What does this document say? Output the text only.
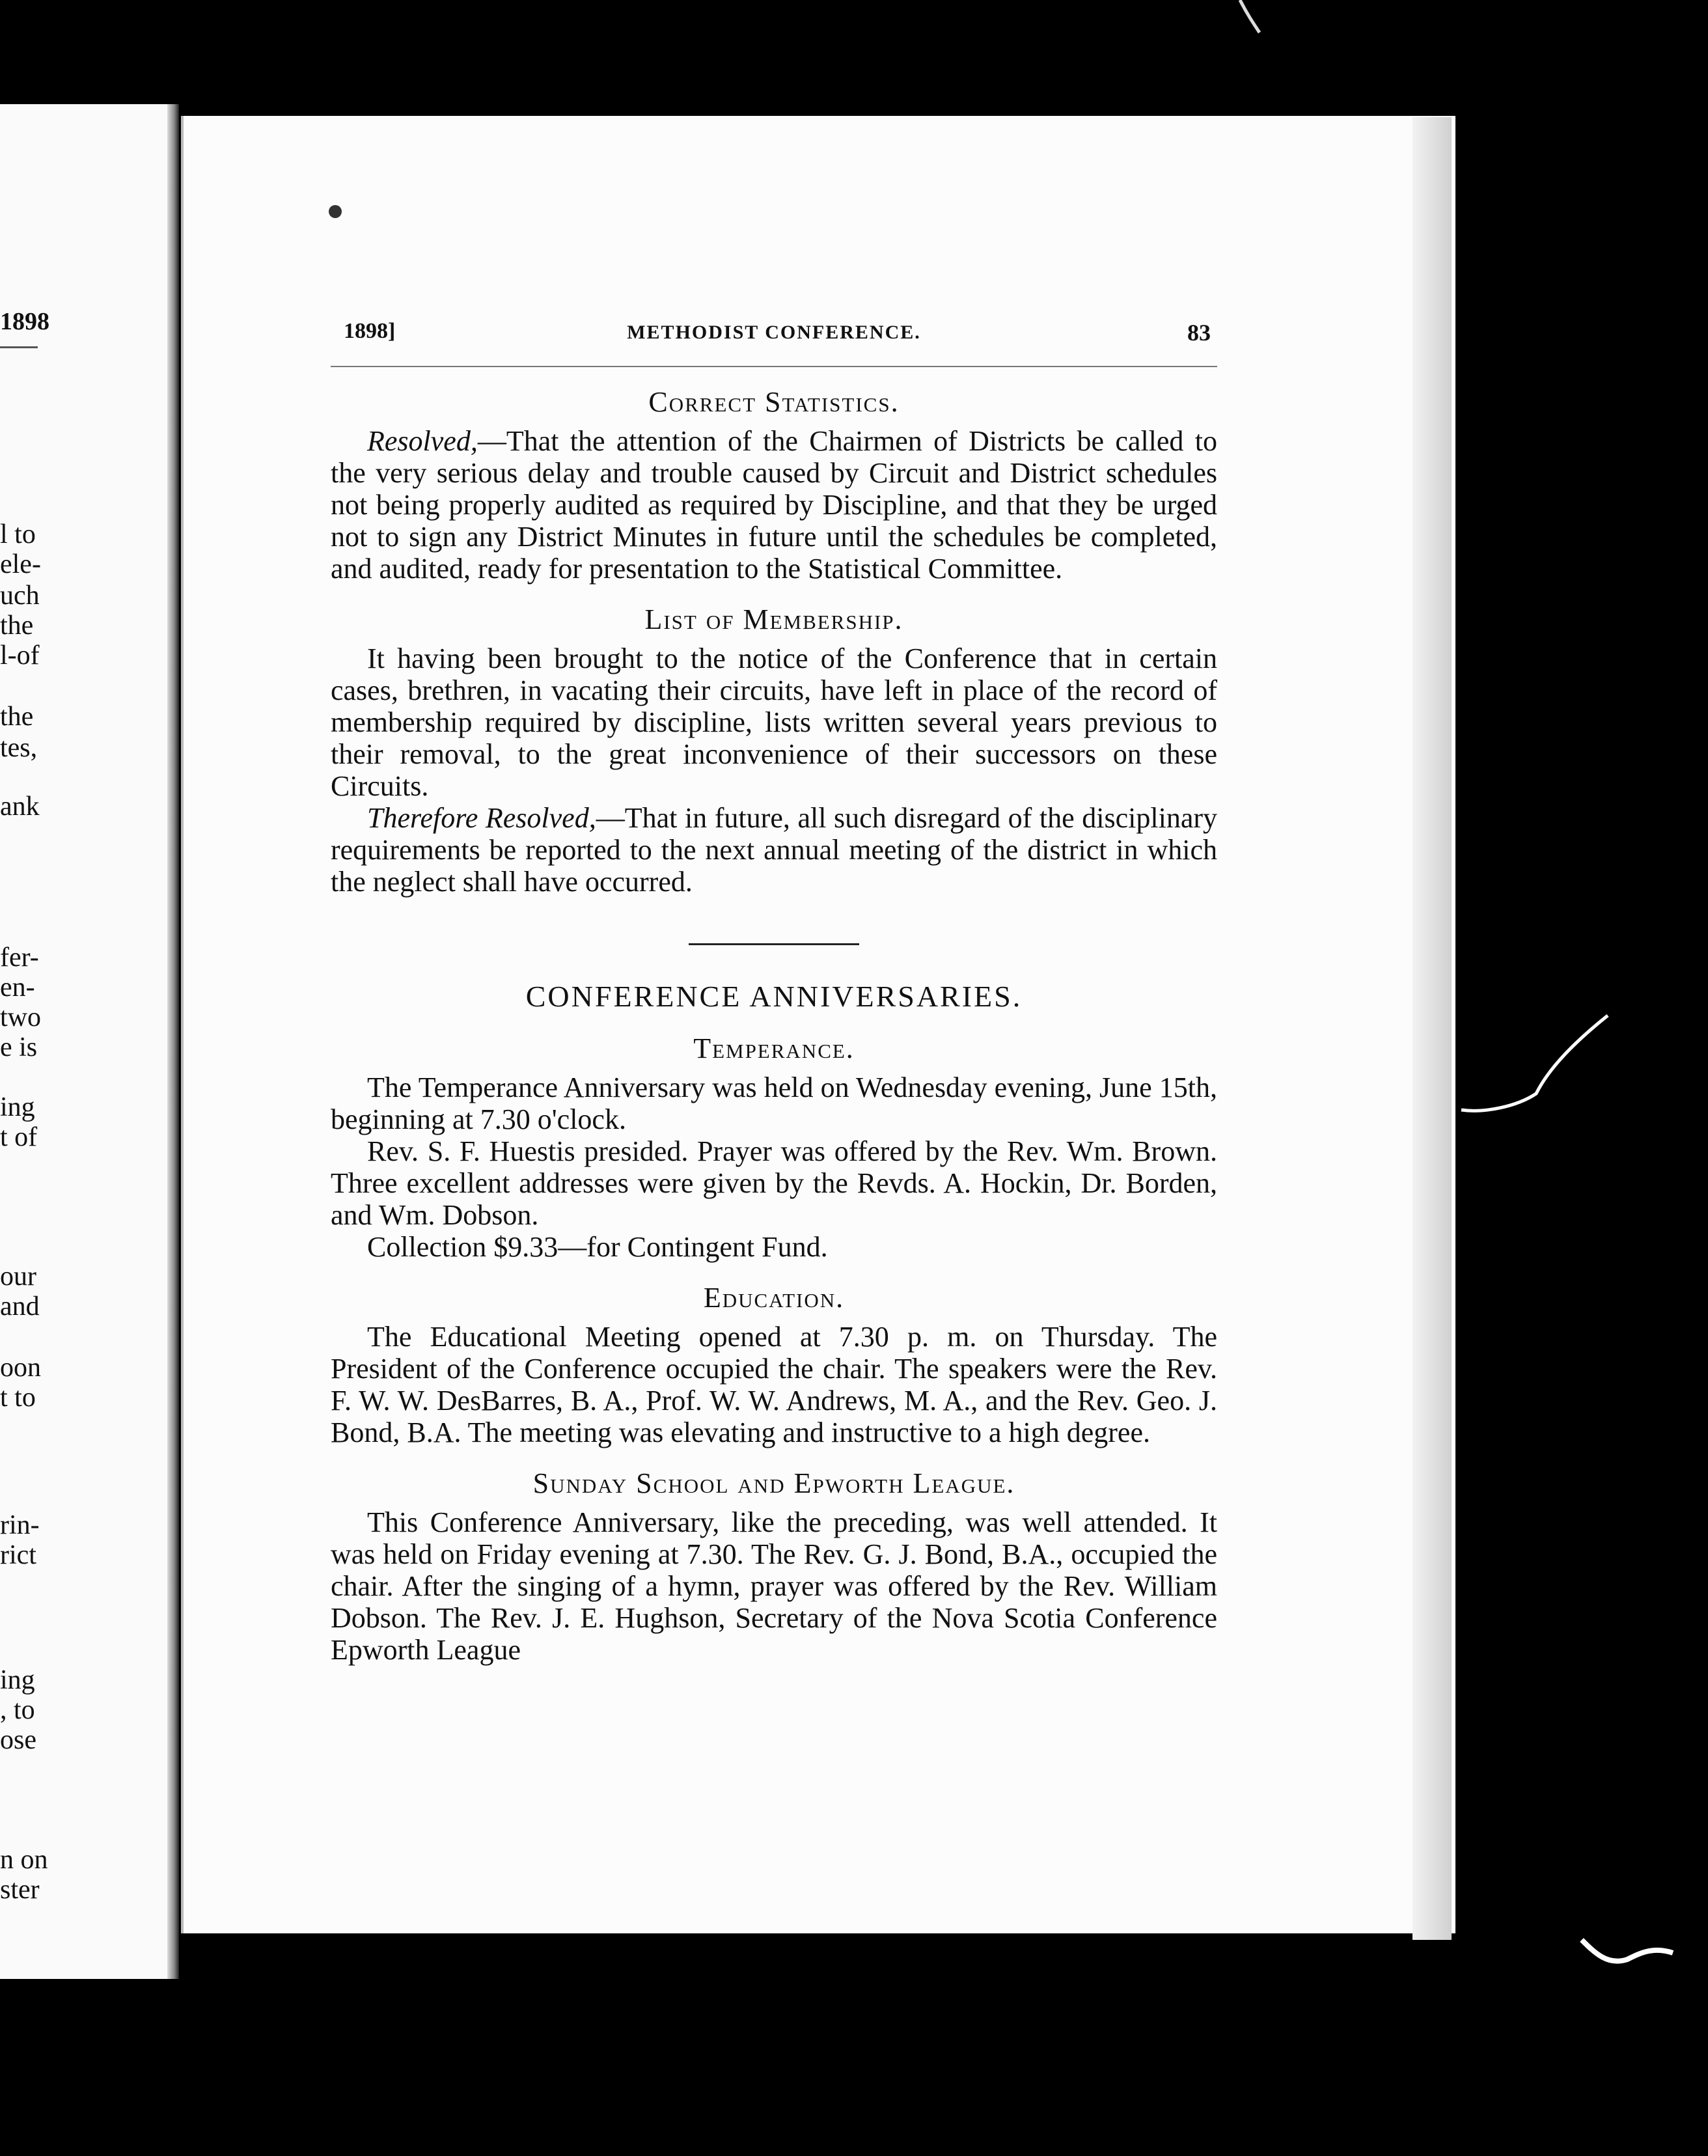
1898
l to
ele-
uch
the
l-of
the
tes,
ank
fer-
en-
two
e is
ing
t of
our
and
oon
t to
rin-
rict
ing
, to
ose
n on
ster
1898]	METHODIST CONFERENCE.	83
Correct Statistics.

Resolved,—That the attention of the Chairmen of Districts be called to the very serious delay and trouble caused by Circuit and District schedules not being properly audited as required by Discipline, and that they be urged not to sign any District Minutes in future until the schedules be completed, and audited, ready for presentation to the Statistical Committee.

List of Membership.

It having been brought to the notice of the Conference that in certain cases, brethren, in vacating their circuits, have left in place of the record of membership required by discipline, lists written several years previous to their removal, to the great inconvenience of their successors on these Circuits.

Therefore Resolved,—That in future, all such disregard of the disciplinary requirements be reported to the next annual meeting of the district in which the neglect shall have occurred.

CONFERENCE ANNIVERSARIES.
Temperance.

The Temperance Anniversary was held on Wednesday evening, June 15th, beginning at 7.30 o'clock.

Rev. S. F. Huestis presided. Prayer was offered by the Rev. Wm. Brown. Three excellent addresses were given by the Revds. A. Hockin, Dr. Borden, and Wm. Dobson.

Collection $9.33—for Contingent Fund.

Education.

The Educational Meeting opened at 7.30 p. m. on Thursday. The President of the Conference occupied the chair. The speakers were the Rev. F. W. W. DesBarres, B. A., Prof. W. W. Andrews, M. A., and the Rev. Geo. J. Bond, B.A. The meeting was elevating and instructive to a high degree.

Sunday School and Epworth League.

This Conference Anniversary, like the preceding, was well attended. It was held on Friday evening at 7.30. The Rev. G. J. Bond, B.A., occupied the chair. After the singing of a hymn, prayer was offered by the Rev. William Dobson. The Rev. J. E. Hughson, Secretary of the Nova Scotia Conference Epworth League
